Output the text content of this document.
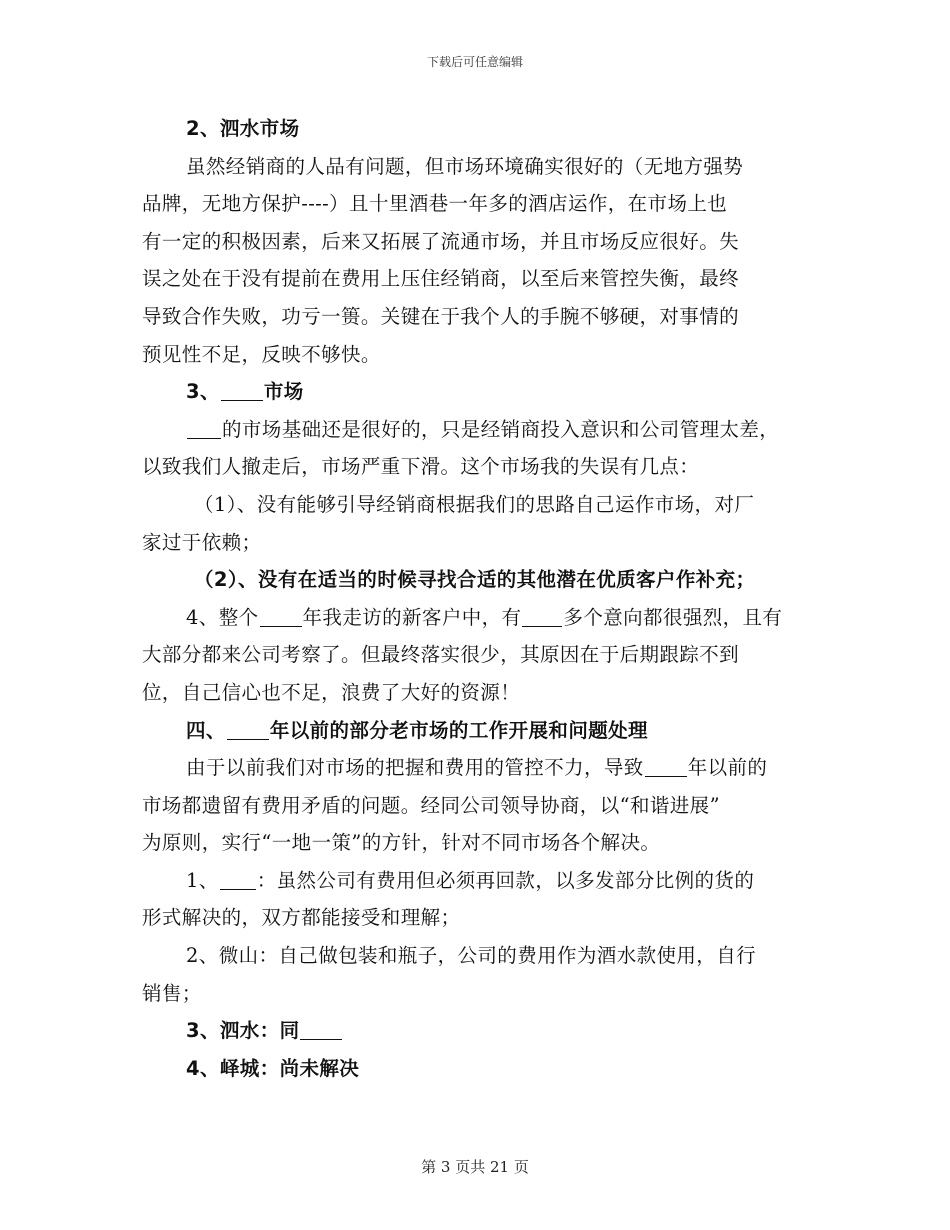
下载后可任意编辑
2、泗水市场
虽然经销商的人品有问题，但市场环境确实很好的（无地方强势
品牌，无地方保护----）且十里酒巷一年多的酒店运作，在市场上也
有一定的积极因素，后来又拓展了流通市场，并且市场反应很好。失
误之处在于没有提前在费用上压住经销商，以至后来管控失衡，最终
导致合作失败，功亏一篑。关键在于我个人的手腕不够硬，对事情的
预见性不足，反映不够快。
3、 市场
的市场基础还是很好的，只是经销商投入意识和公司管理太差，
以致我们人撤走后，市场严重下滑。这个市场我的失误有几点：
（1）、没有能够引导经销商根据我们的思路自己运作市场，对厂
家过于依赖；
（2）、没有在适当的时候寻找合适的其他潜在优质客户作补充；
4、整个 年我走访的新客户中，有 多个意向都很强烈，且有
大部分都来公司考察了。但最终落实很少，其原因在于后期跟踪不到
位，自己信心也不足，浪费了大好的资源！
四、 年以前的部分老市场的工作开展和问题处理
由于以前我们对市场的把握和费用的管控不力，导致 年以前的
市场都遗留有费用矛盾的问题。经同公司领导协商，以“和谐进展”
为原则，实行“一地一策”的方针，针对不同市场各个解决。
1、 ：虽然公司有费用但必须再回款，以多发部分比例的货的
形式解决的，双方都能接受和理解；
2、微山：自己做包装和瓶子，公司的费用作为酒水款使用，自行
销售；
3、泗水：同
4、峄城：尚未解决
第 3 页共 21 页
